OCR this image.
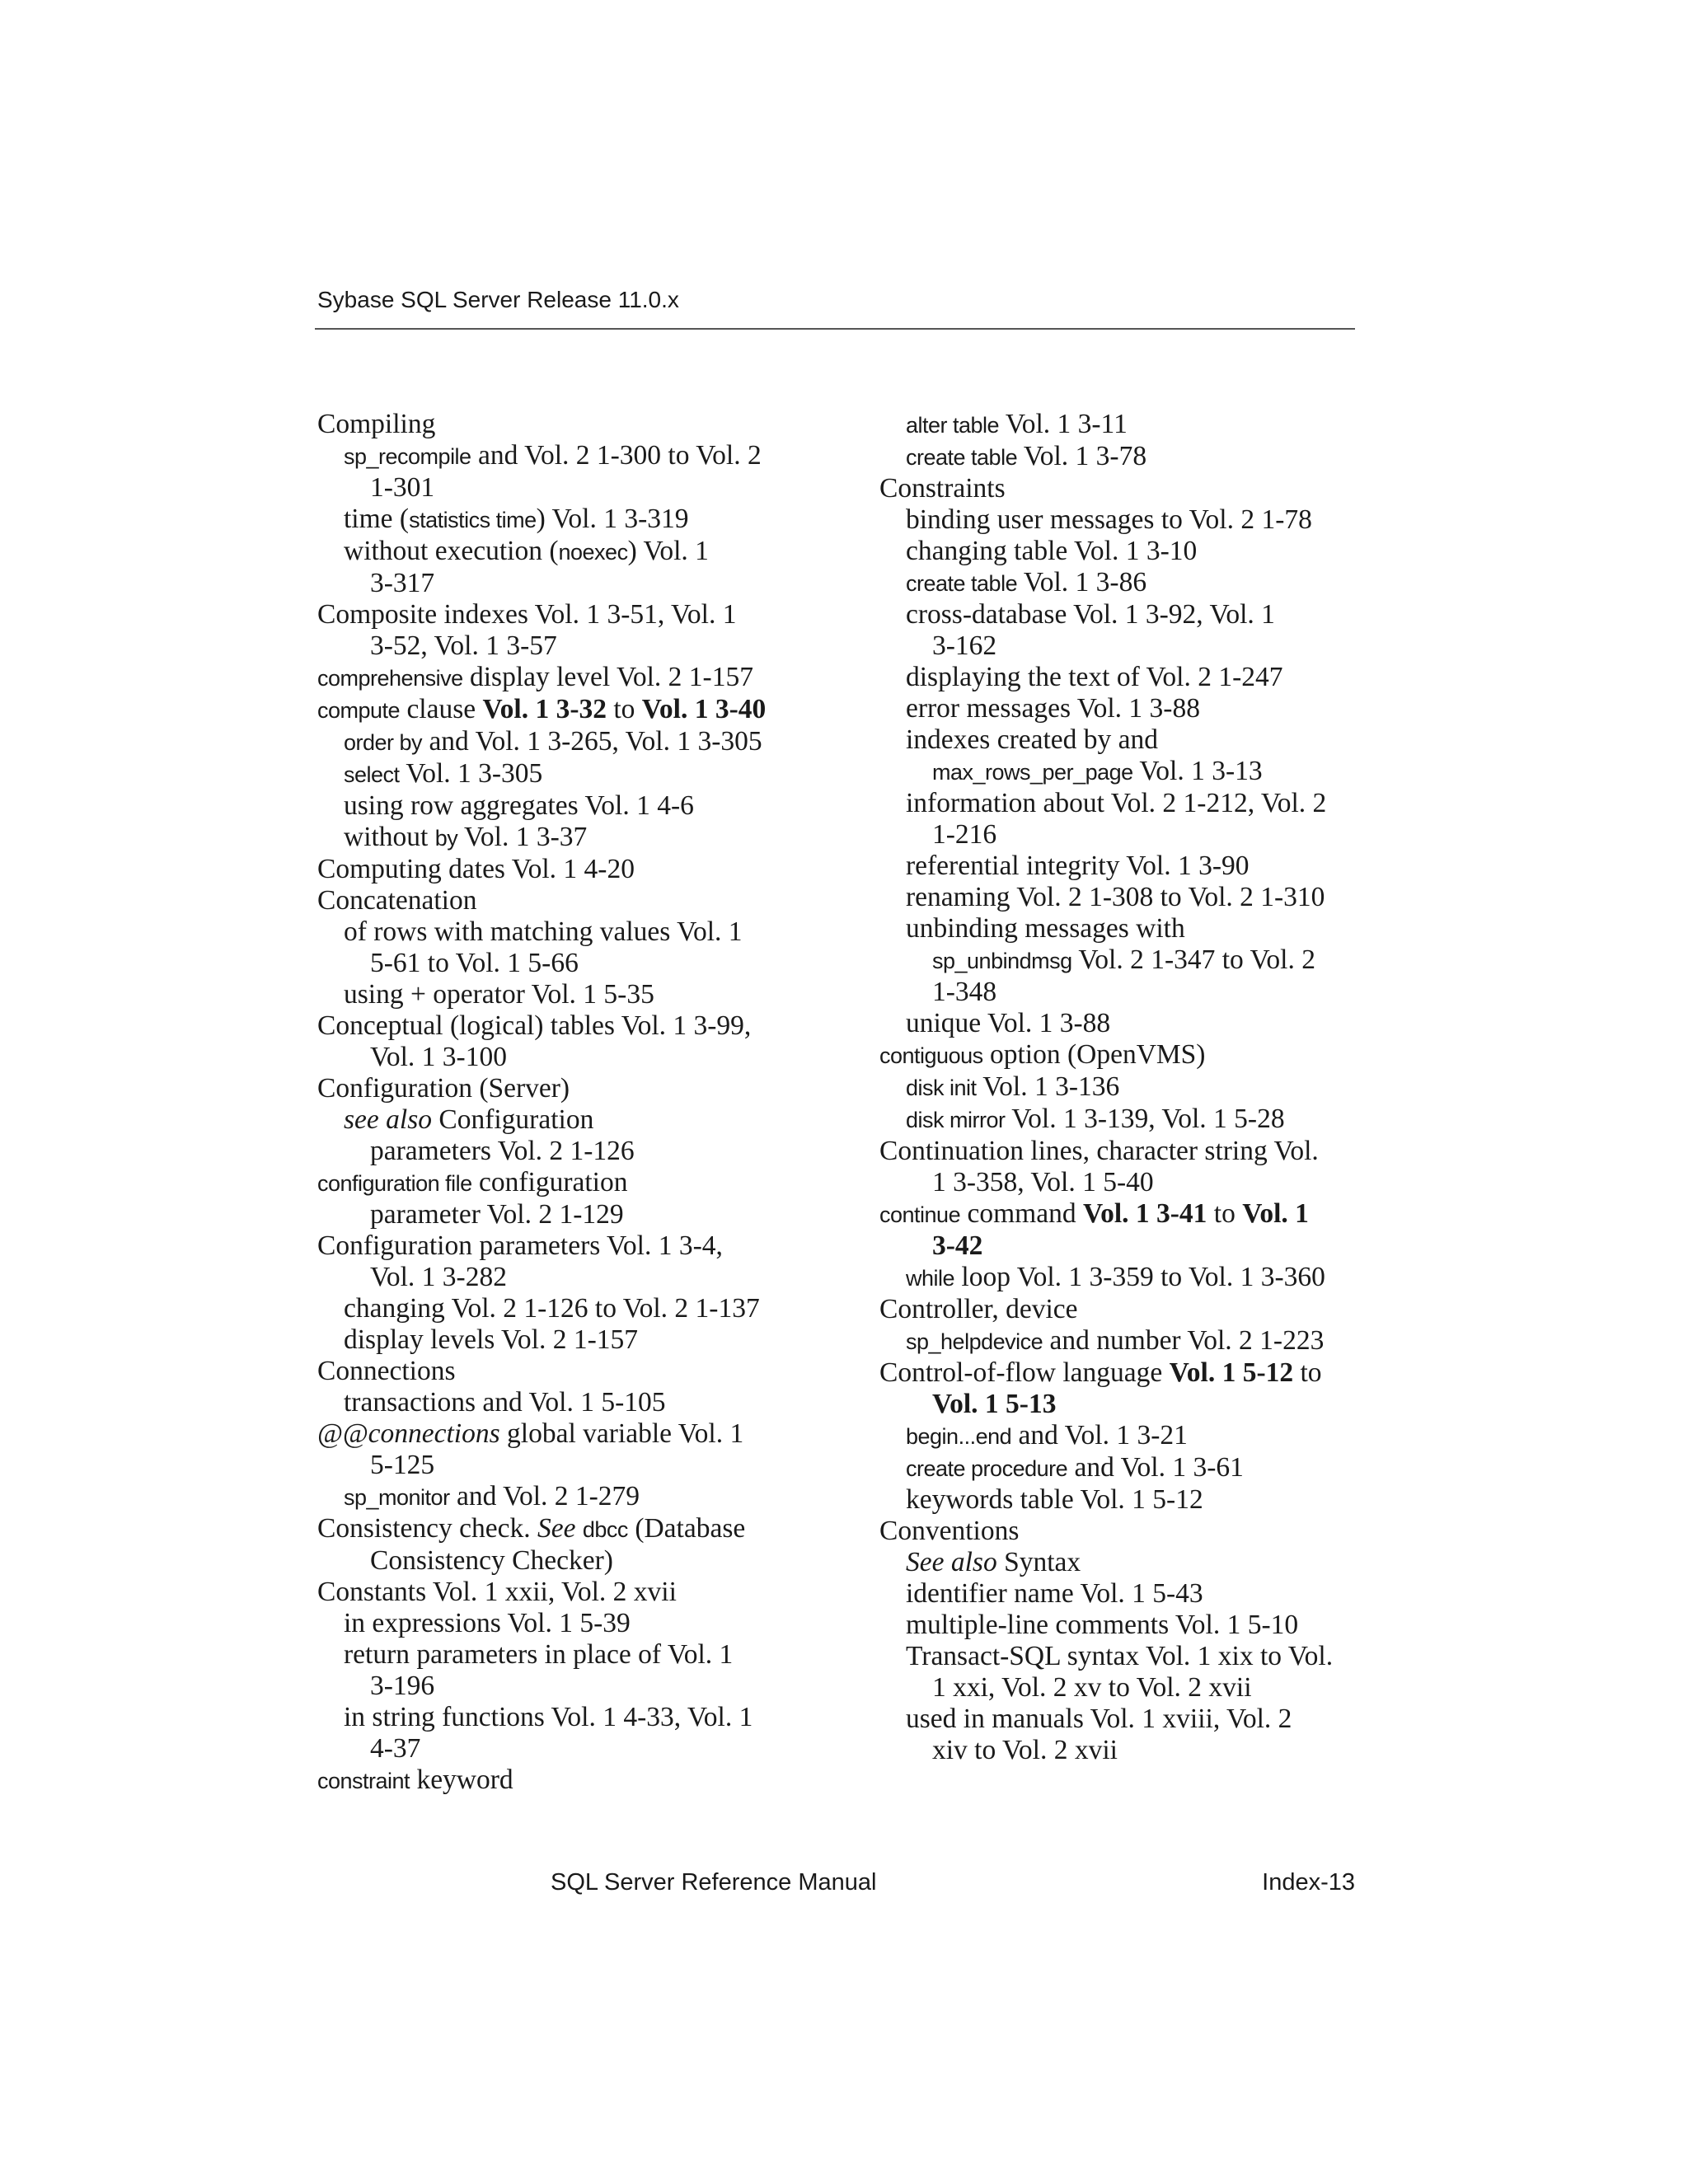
Sybase SQL Server Release 11.0.x
Compiling
sp_recompile and Vol. 2 1-300 to Vol. 2
1-301
time (statistics time) Vol. 1 3-319
without execution (noexec) Vol. 1
3-317
Composite indexes Vol. 1 3-51, Vol. 1
3-52, Vol. 1 3-57
comprehensive display level Vol. 2 1-157
compute clause Vol. 1 3-32 to Vol. 1 3-40
order by and Vol. 1 3-265, Vol. 1 3-305
select Vol. 1 3-305
using row aggregates Vol. 1 4-6
without by Vol. 1 3-37
Computing dates Vol. 1 4-20
Concatenation
of rows with matching values Vol. 1
5-61 to Vol. 1 5-66
using + operator Vol. 1 5-35
Conceptual (logical) tables Vol. 1 3-99,
Vol. 1 3-100
Configuration (Server)
see also Configuration
parameters Vol. 2 1-126
configuration file configuration
parameter Vol. 2 1-129
Configuration parameters Vol. 1 3-4,
Vol. 1 3-282
changing Vol. 2 1-126 to Vol. 2 1-137
display levels Vol. 2 1-157
Connections
transactions and Vol. 1 5-105
@@connections global variable Vol. 1
5-125
sp_monitor and Vol. 2 1-279
Consistency check. See dbcc (Database
Consistency Checker)
Constants Vol. 1 xxii, Vol. 2 xvii
in expressions Vol. 1 5-39
return parameters in place of Vol. 1
3-196
in string functions Vol. 1 4-33, Vol. 1
4-37
constraint keyword
alter table Vol. 1 3-11
create table Vol. 1 3-78
Constraints
binding user messages to Vol. 2 1-78
changing table Vol. 1 3-10
create table Vol. 1 3-86
cross-database Vol. 1 3-92, Vol. 1
3-162
displaying the text of Vol. 2 1-247
error messages Vol. 1 3-88
indexes created by and
max_rows_per_page Vol. 1 3-13
information about Vol. 2 1-212, Vol. 2
1-216
referential integrity Vol. 1 3-90
renaming Vol. 2 1-308 to Vol. 2 1-310
unbinding messages with
sp_unbindmsg Vol. 2 1-347 to Vol. 2
1-348
unique Vol. 1 3-88
contiguous option (OpenVMS)
disk init Vol. 1 3-136
disk mirror Vol. 1 3-139, Vol. 1 5-28
Continuation lines, character string Vol.
1 3-358, Vol. 1 5-40
continue command Vol. 1 3-41 to Vol. 1
3-42
while loop Vol. 1 3-359 to Vol. 1 3-360
Controller, device
sp_helpdevice and number Vol. 2 1-223
Control-of-flow language Vol. 1 5-12 to
Vol. 1 5-13
begin...end and Vol. 1 3-21
create procedure and Vol. 1 3-61
keywords table Vol. 1 5-12
Conventions
See also Syntax
identifier name Vol. 1 5-43
multiple-line comments Vol. 1 5-10
Transact-SQL syntax Vol. 1 xix to Vol.
1 xxi, Vol. 2 xv to Vol. 2 xvii
used in manuals Vol. 1 xviii, Vol. 2
xiv to Vol. 2 xvii
SQL Server Reference Manual	Index-13
